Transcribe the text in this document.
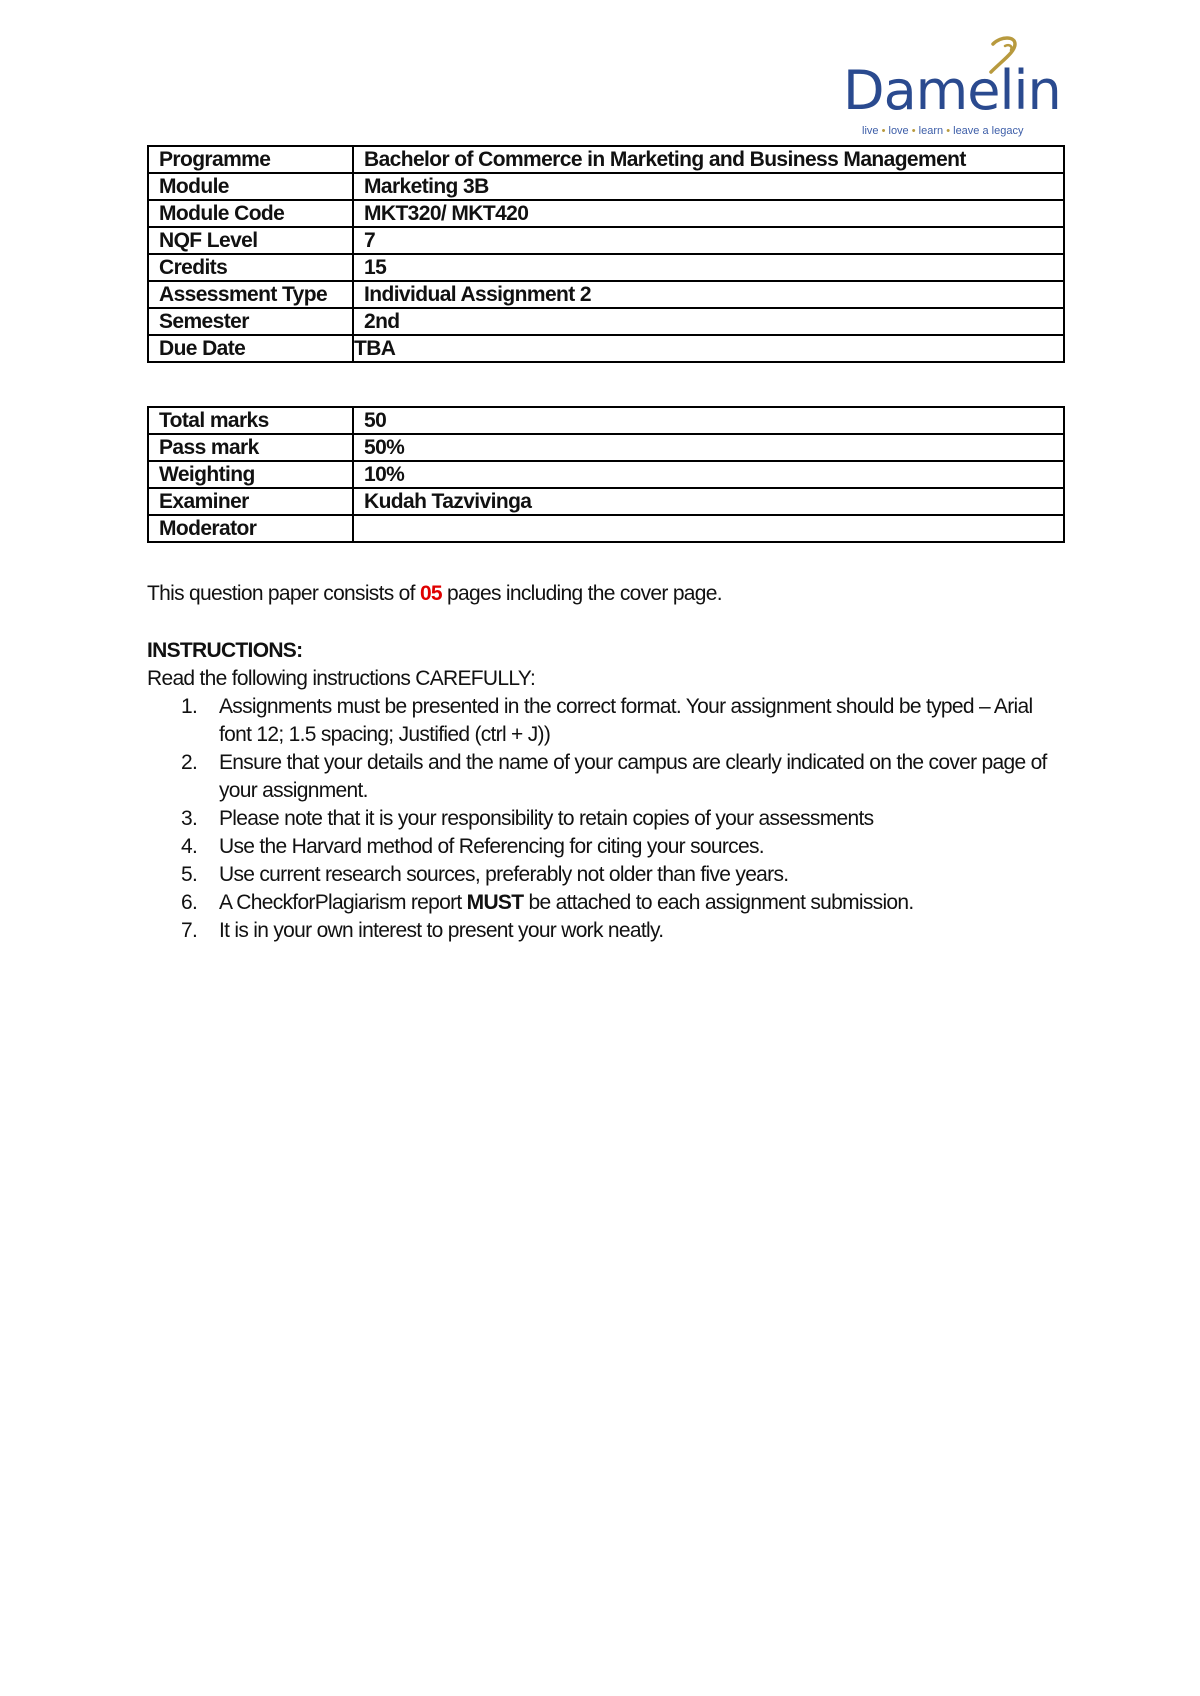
Damelin
live • love • learn • leave a legacy
Programme	Bachelor of Commerce in Marketing and Business Management
Module	Marketing 3B
Module Code	MKT320/ MKT420
NQF Level	7
Credits	15
Assessment Type	Individual Assignment 2
Semester	2nd
Due Date	TBA
Total marks	50
Pass mark	50%
Weighting	10%
Examiner	Kudah Tazvivinga
Moderator	
This question paper consists of 05 pages including the cover page.
INSTRUCTIONS:
Read the following instructions CAREFULLY:
1. Assignments must be presented in the correct format. Your assignment should be typed – Arial font 12; 1.5 spacing; Justified (ctrl + J))
2. Ensure that your details and the name of your campus are clearly indicated on the cover page of your assignment.
3. Please note that it is your responsibility to retain copies of your assessments
4. Use the Harvard method of Referencing for citing your sources.
5. Use current research sources, preferably not older than five years.
6. A CheckforPlagiarism report MUST be attached to each assignment submission.
7. It is in your own interest to present your work neatly.
